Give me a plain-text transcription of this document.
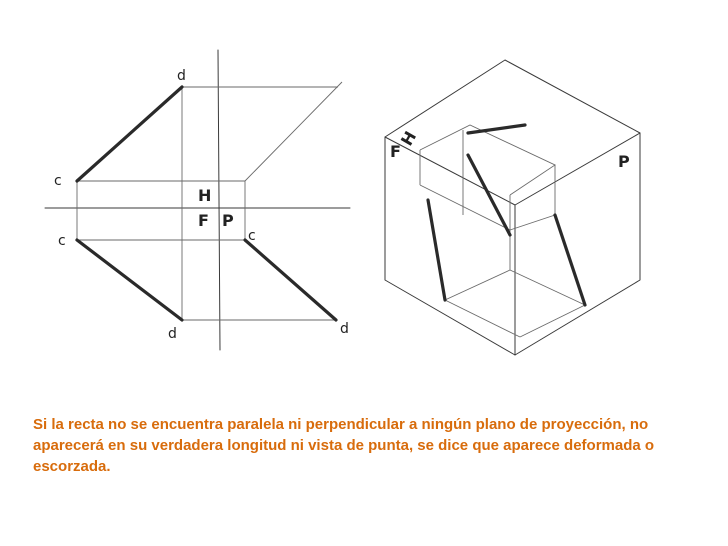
d
c
H
F P
c	c
d	d
H
F
P

Si la recta no se encuentra paralela ni perpendicular a ningún plano de proyección, no aparecerá en su verdadera longitud ni vista de punta, se dice que aparece deformada o escorzada.
